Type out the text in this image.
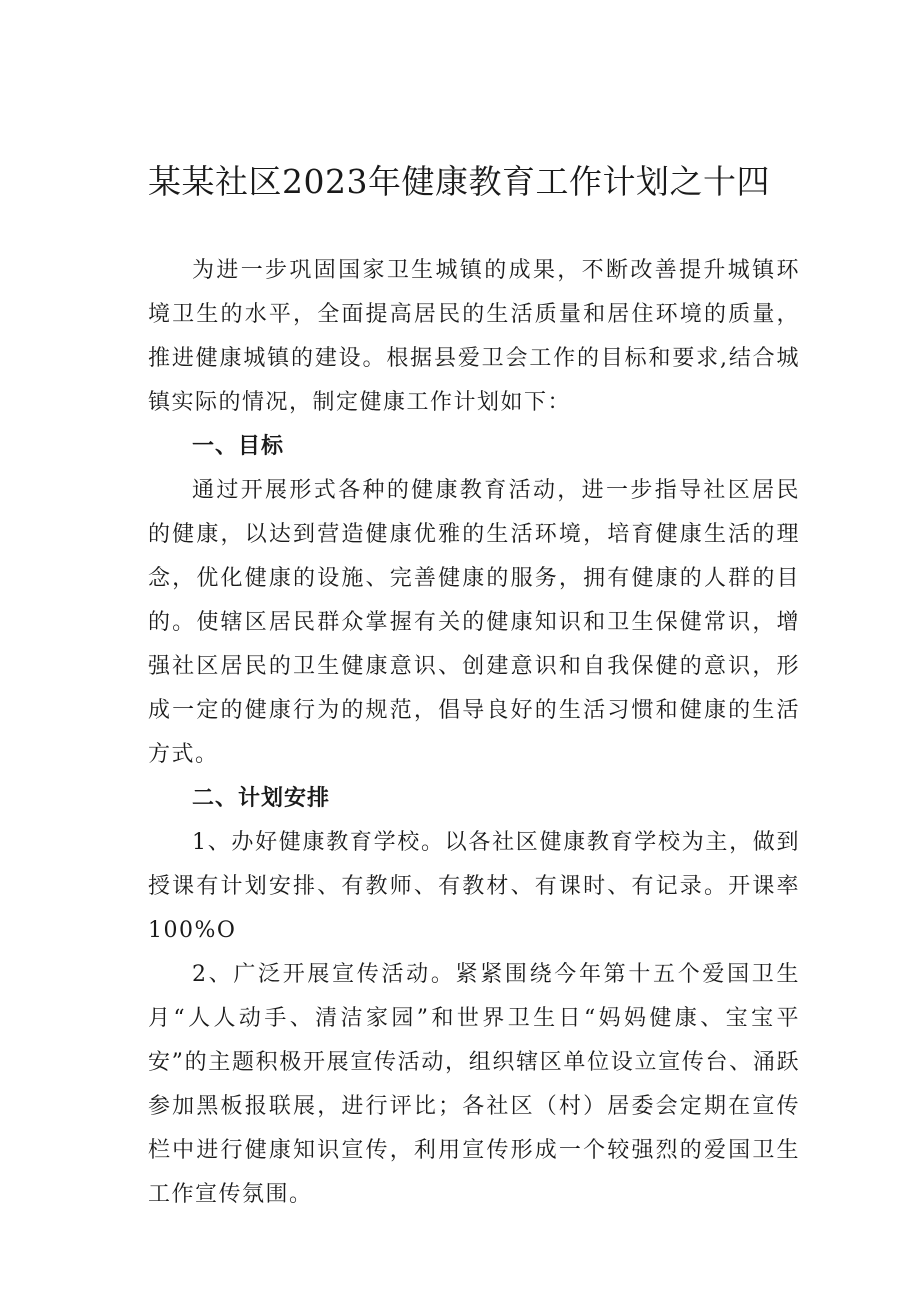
某某社区2023年健康教育工作计划之十四

为进一步巩固国家卫生城镇的成果，不断改善提升城镇环境卫生的水平，全面提高居民的生活质量和居住环境的质量，推进健康城镇的建设。根据县爱卫会工作的目标和要求,结合城镇实际的情况，制定健康工作计划如下：

一、目标

通过开展形式各种的健康教育活动，进一步指导社区居民的健康，以达到营造健康优雅的生活环境，培育健康生活的理念，优化健康的设施、完善健康的服务，拥有健康的人群的目的。使辖区居民群众掌握有关的健康知识和卫生保健常识，增强社区居民的卫生健康意识、创建意识和自我保健的意识，形成一定的健康行为的规范，倡导良好的生活习惯和健康的生活方式。

二、计划安排

1、办好健康教育学校。以各社区健康教育学校为主，做到授课有计划安排、有教师、有教材、有课时、有记录。开课率100%O

2、广泛开展宣传活动。紧紧围绕今年第十五个爱国卫生月“人人动手、清洁家园”和世界卫生日“妈妈健康、宝宝平安”的主题积极开展宣传活动，组织辖区单位设立宣传台、涌跃参加黑板报联展，进行评比；各社区（村）居委会定期在宣传栏中进行健康知识宣传，利用宣传形成一个较强烈的爱国卫生工作宣传氛围。
